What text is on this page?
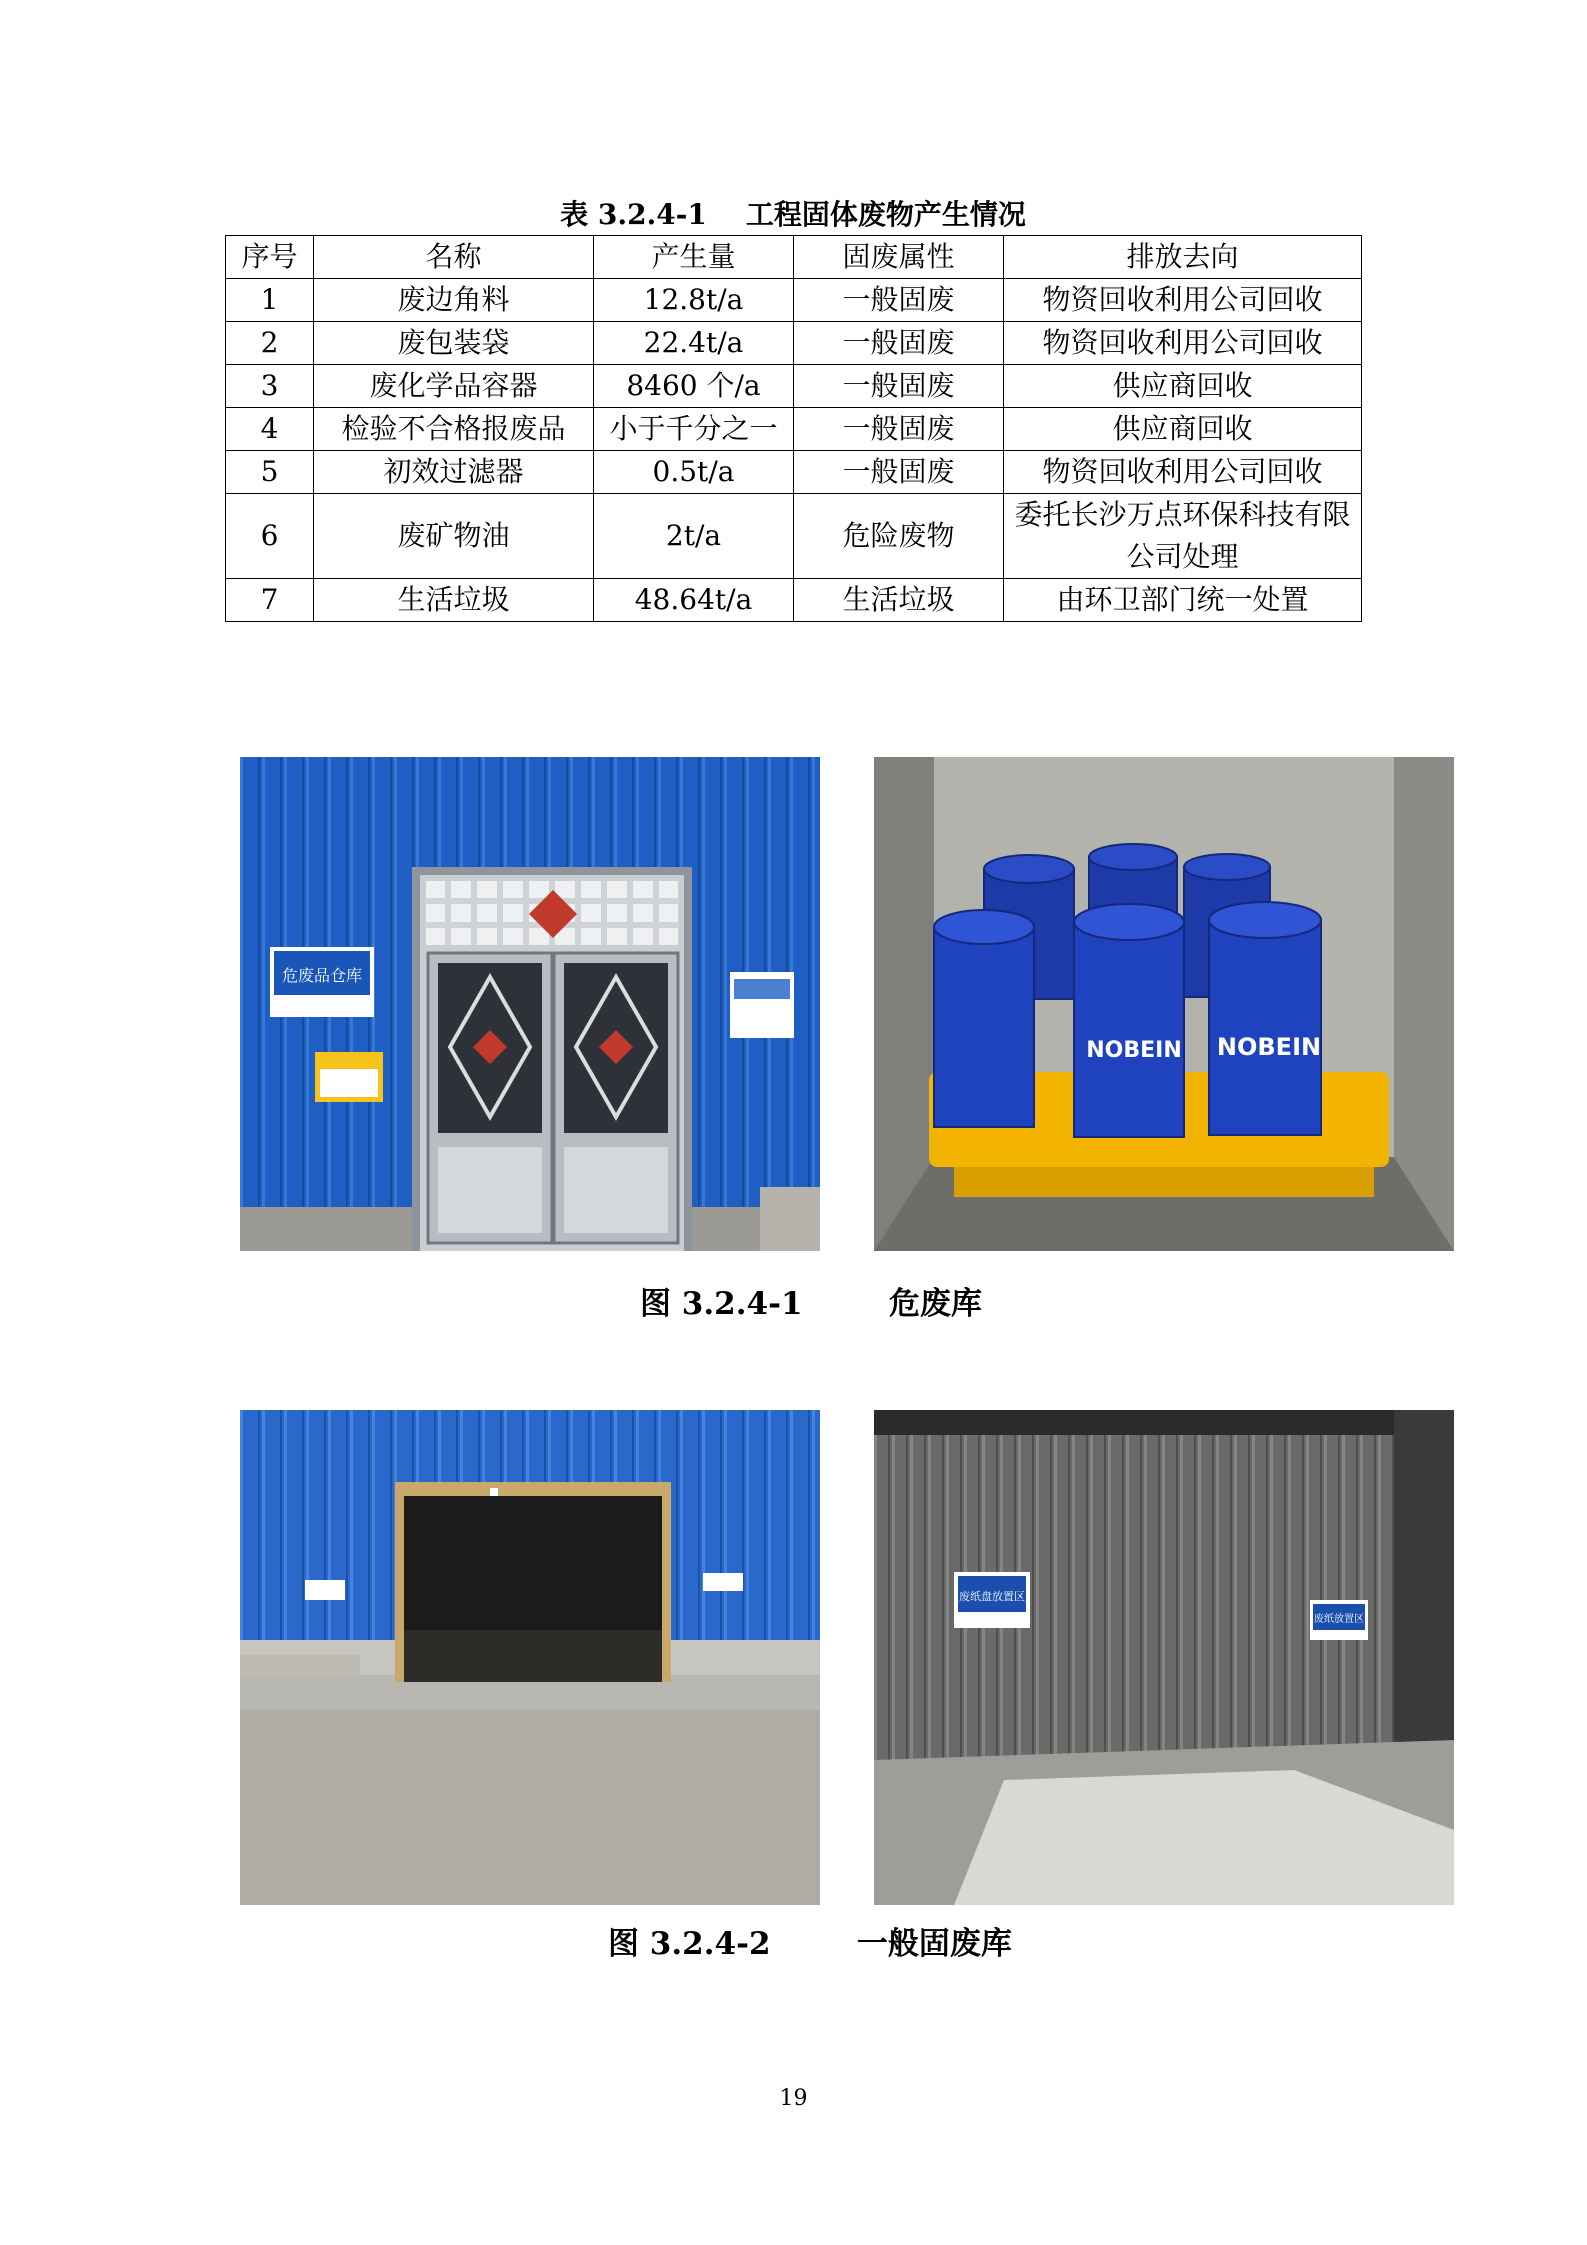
表 3.2.4-1    工程固体废物产生情况
序号	名称	产生量	固废属性	排放去向
1	废边角料	12.8t/a	一般固废	物资回收利用公司回收
2	废包装袋	22.4t/a	一般固废	物资回收利用公司回收
3	废化学品容器	8460 个/a	一般固废	供应商回收
4	检验不合格报废品	小于千分之一	一般固废	供应商回收
5	初效过滤器	0.5t/a	一般固废	物资回收利用公司回收
6	废矿物油	2t/a	危险废物	委托长沙万点环保科技有限公司处理
7	生活垃圾	48.64t/a	生活垃圾	由环卫部门统一处置
危废品仓库
NOBEIN NOBEIN
图 3.2.4-1        危废库
废纸盘放置区
废纸放置区
图 3.2.4-2        一般固废库
19
